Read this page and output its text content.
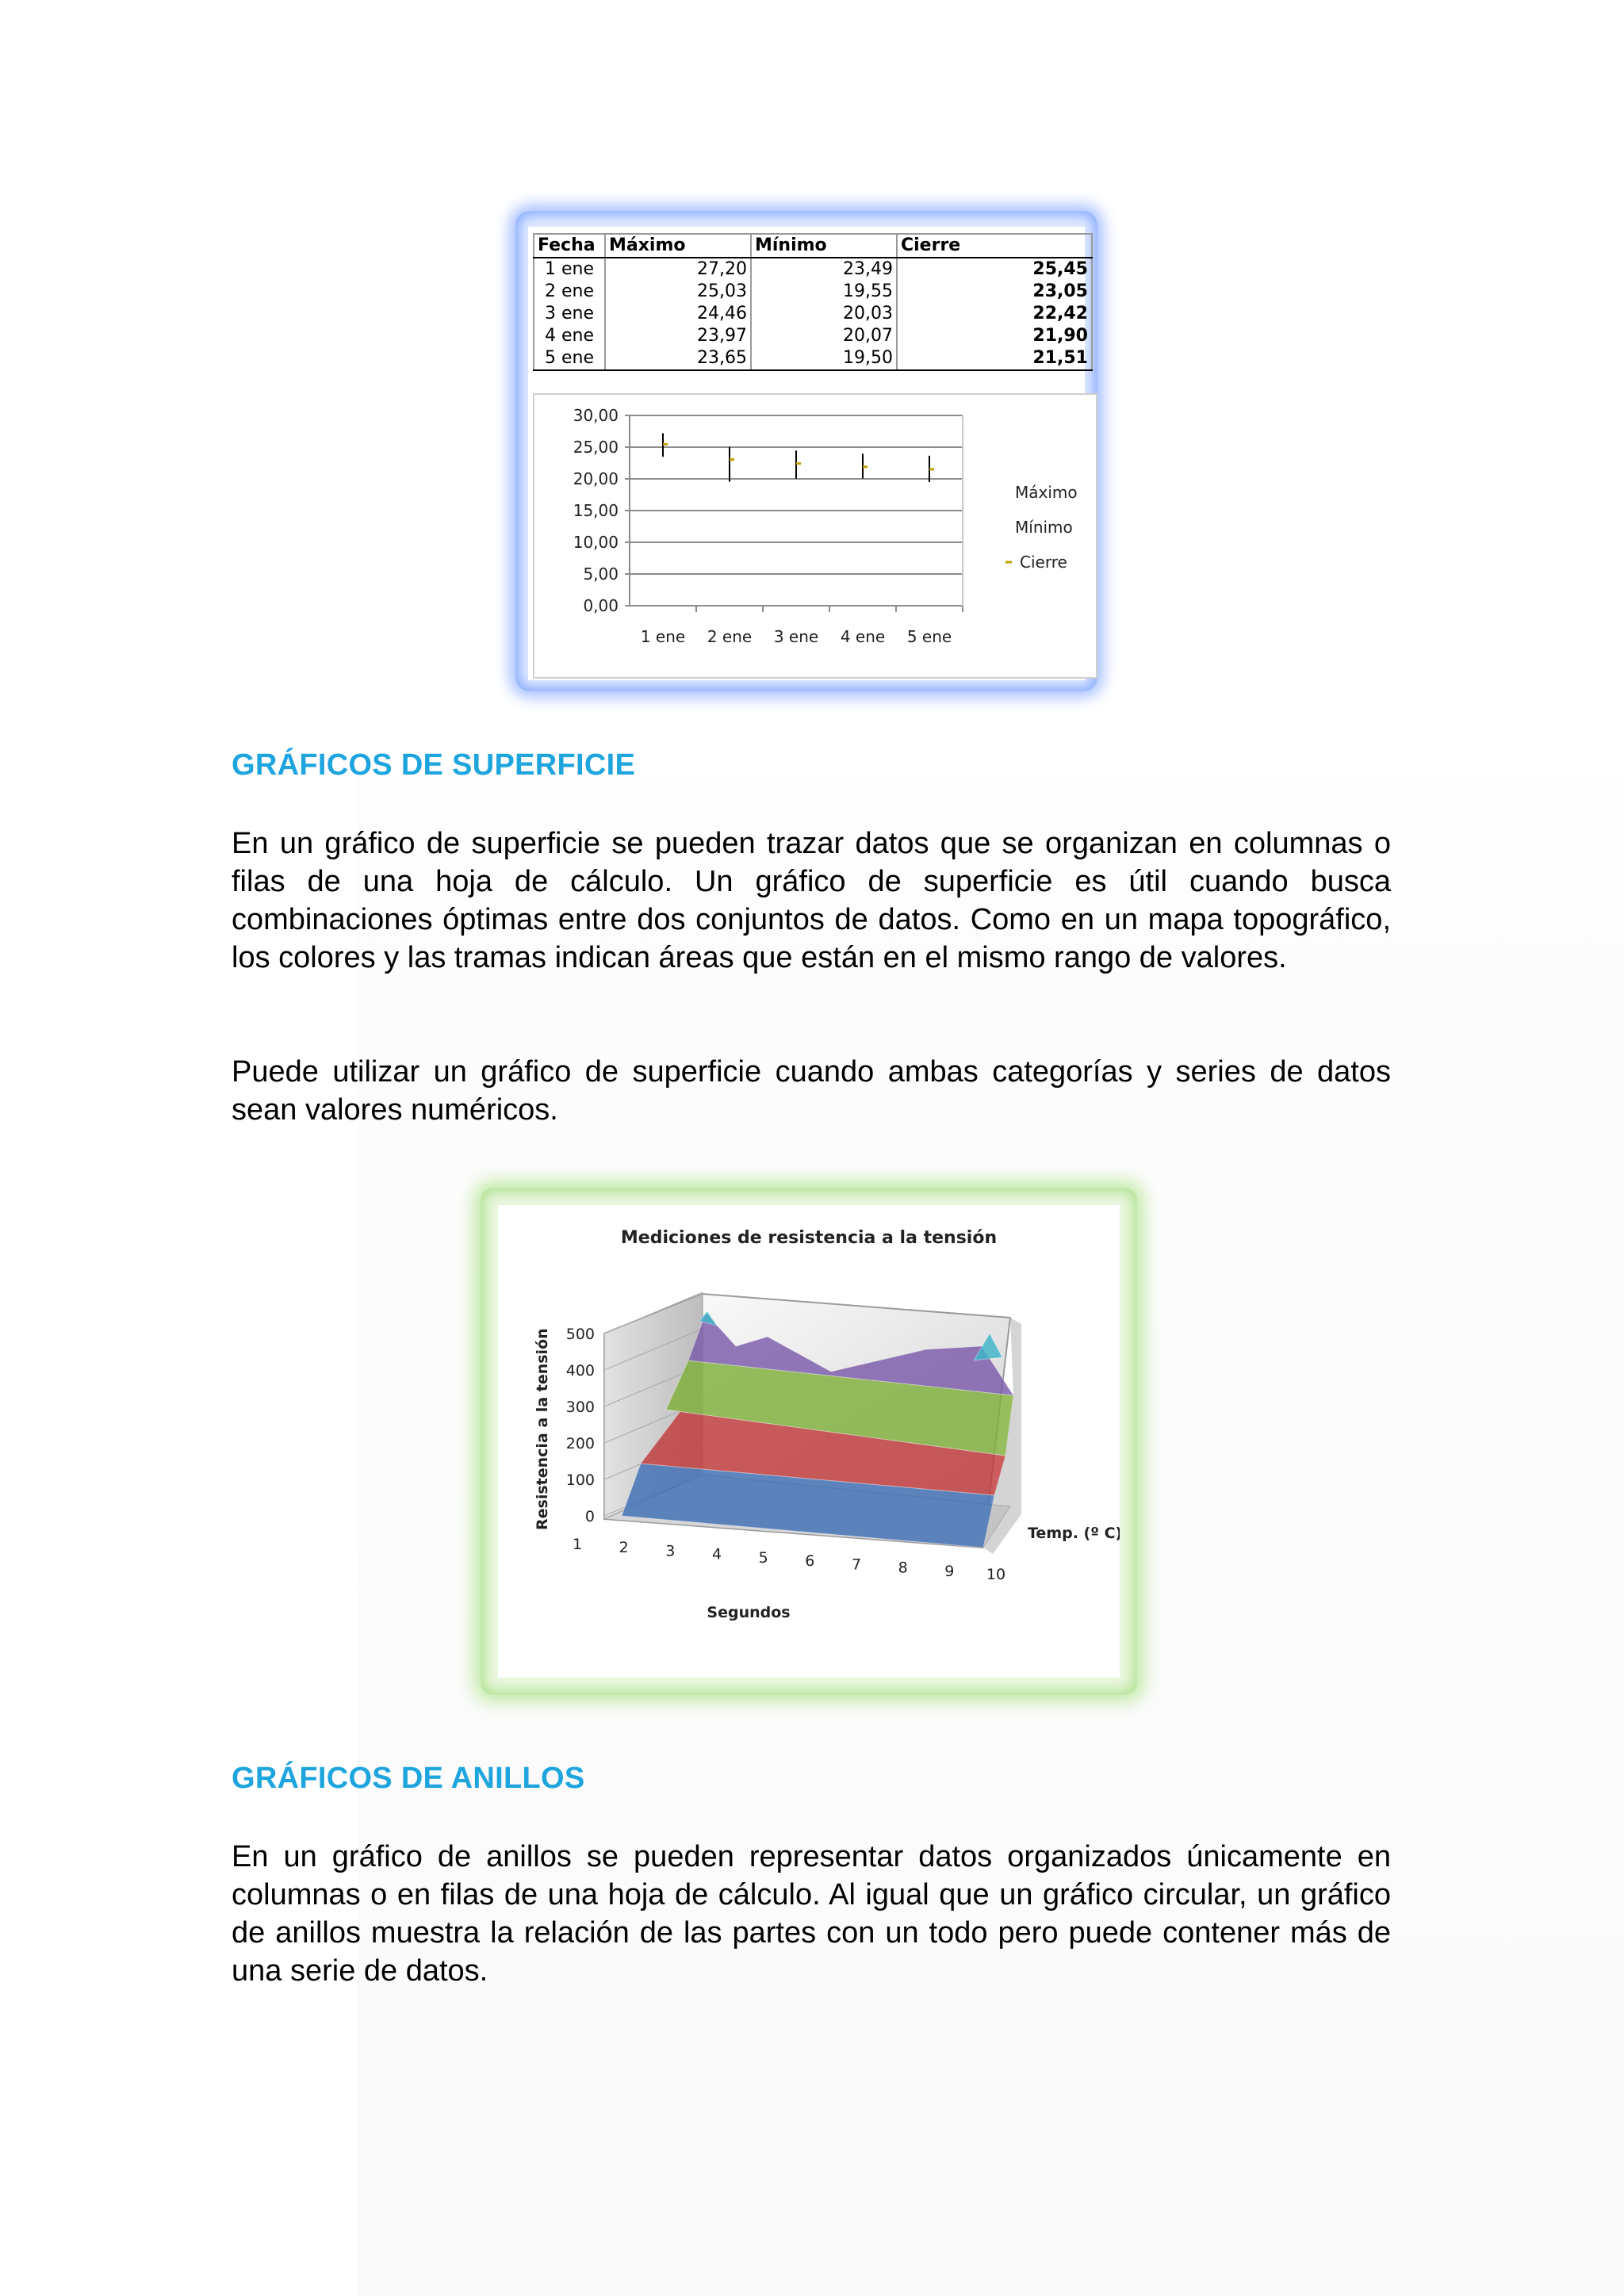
Fecha	Máximo	Mínimo	Cierre
1 ene	27,20	23,49	25,45
2 ene	25,03	19,55	23,05
3 ene	24,46	20,03	22,42
4 ene	23,97	20,07	21,90
5 ene	23,65	19,50	21,51
0,00
5,00
10,00
15,00
20,00
25,00
30,00
1 ene 2 ene 3 ene 4 ene 5 ene
Máximo
Mínimo
Cierre
GRÁFICOS DE SUPERFICIE

En un gráfico de superficie se pueden trazar datos que se organizan en columnas o filas de una hoja de cálculo. Un gráfico de superficie es útil cuando busca combinaciones óptimas entre dos conjuntos de datos. Como en un mapa topográfico, los colores y las tramas indican áreas que están en el mismo rango de valores.

Puede utilizar un gráfico de superficie cuando ambas categorías y series de datos sean valores numéricos.

Mediciones de resistencia a la tensión
0
100
200
300
400
500
Resistencia a la tensión
1 2 3 4 5 6 7 8 9 10
Segundos
Temp. (º C)
GRÁFICOS DE ANILLOS

En un gráfico de anillos se pueden representar datos organizados únicamente en columnas o en filas de una hoja de cálculo. Al igual que un gráfico circular, un gráfico de anillos muestra la relación de las partes con un todo pero puede contener más de una serie de datos.
